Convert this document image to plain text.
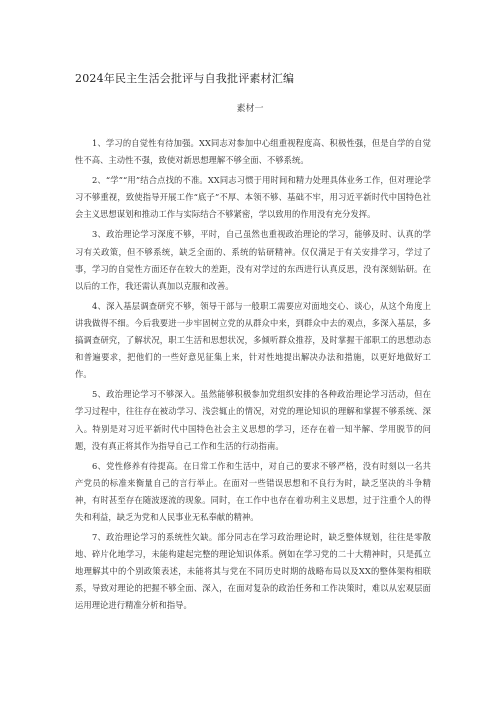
2024年民主生活会批评与自我批评素材汇编
素材一

1、学习的自觉性有待加强。XX同志对参加中心组重视程度高、积极性强，但是自学的自觉性不高、主动性不强，致使对新思想理解不够全面、不够系统。

2、“学”“用”结合点找的不准。XX同志习惯于用时间和精力处理具体业务工作，但对理论学习不够重视，致使指导开展工作“底子”不厚、本领不够、基础不牢，用习近平新时代中国特色社会主义思想谋划和推动工作与实际结合不够紧密，学以致用的作用没有充分发挥。

3、政治理论学习深度不够，平时，自己虽然也重视政治理论的学习，能够及时、认真的学习有关政策，但不够系统，缺乏全面的、系统的钻研精神。仅仅满足于有关安排学习，学过了事，学习的自觉性方面还存在较大的差距，没有对学过的东西进行认真反思，没有深刻钻研。在以后的工作，我还需认真加以克服和改善。

4、深入基层调查研究不够，领导干部与一般职工需要应对面地交心、谈心，从这个角度上讲我做得不细。今后我要进一步牢固树立党的从群众中来，到群众中去的观点，多深入基层，多搞调查研究，了解状况，职工生活和思想状况，多倾听群众推荐，及时掌握干部职工的思想动态和普遍要求，把他们的一些好意见征集上来，针对性地提出解决办法和措施，以更好地做好工作。

5、政治理论学习不够深入。虽然能够积极参加党组织安排的各种政治理论学习活动，但在学习过程中，往往存在被动学习、浅尝辄止的情况，对党的理论知识的理解和掌握不够系统、深入。特别是对习近平新时代中国特色社会主义思想的学习，还存在着一知半解、学用脱节的问题，没有真正将其作为指导自己工作和生活的行动指南。

6、党性修养有待提高。在日常工作和生活中，对自己的要求不够严格，没有时刻以一名共产党员的标准来衡量自己的言行举止。在面对一些错误思想和不良行为时，缺乏坚决的斗争精神，有时甚至存在随波逐流的现象。同时，在工作中也存在着功利主义思想，过于注重个人的得失和利益，缺乏为党和人民事业无私奉献的精神。

7、政治理论学习的系统性欠缺。部分同志在学习政治理论时，缺乏整体规划，往往是零散地、碎片化地学习，未能构建起完整的理论知识体系。例如在学习党的二十大精神时，只是孤立地理解其中的个别政策表述，未能将其与党在不同历史时期的战略布局以及XX的整体架构相联系，导致对理论的把握不够全面、深入，在面对复杂的政治任务和工作决策时，难以从宏观层面运用理论进行精准分析和指导。
